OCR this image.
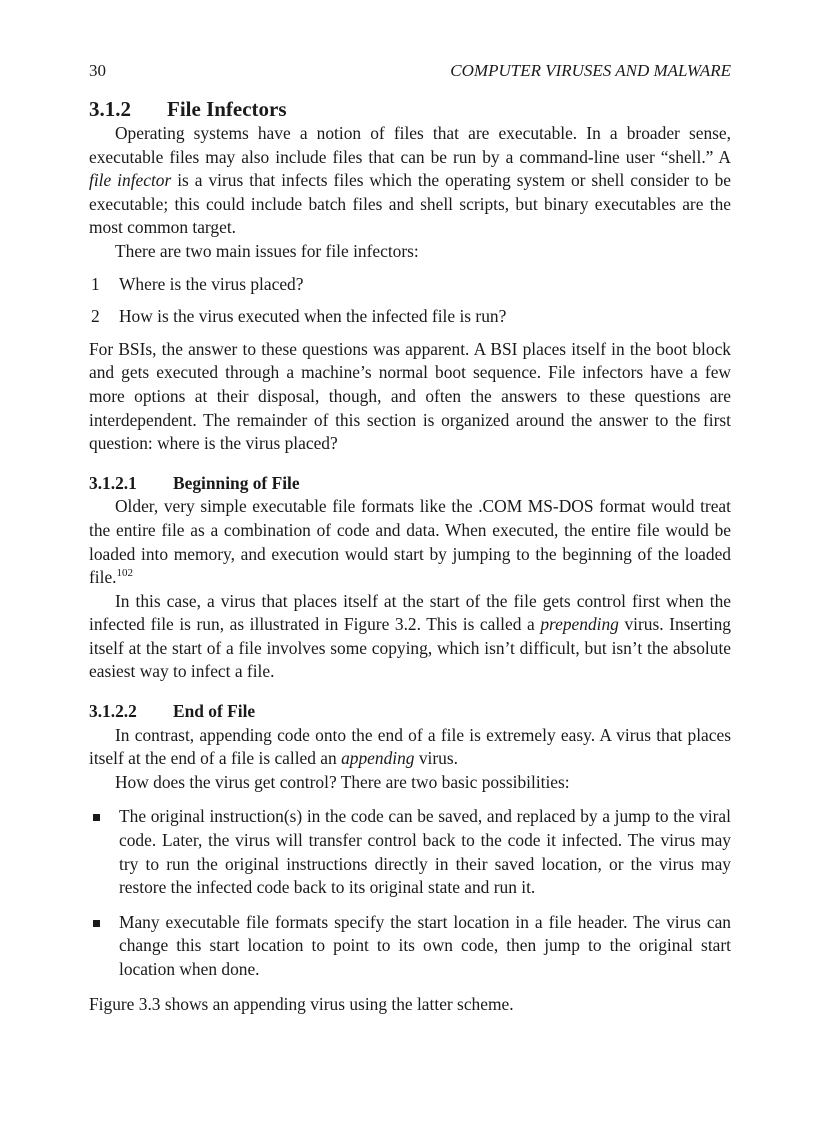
30	COMPUTER VIRUSES AND MALWARE
3.1.2 File Infectors

Operating systems have a notion of files that are executable. In a broader sense, executable files may also include files that can be run by a command-line user “shell.” A file infector is a virus that infects files which the operating system or shell consider to be executable; this could include batch files and shell scripts, but binary executables are the most common target.

There are two main issues for file infectors:

1	Where is the virus placed?
2	How is the virus executed when the infected file is run?

For BSIs, the answer to these questions was apparent. A BSI places itself in the boot block and gets executed through a machine’s normal boot sequence. File infectors have a few more options at their disposal, though, and often the answers to these questions are interdependent. The remainder of this section is organized around the answer to the first question: where is the virus placed?

3.1.2.1 Beginning of File

Older, very simple executable file formats like the .COM MS-DOS format would treat the entire file as a combination of code and data. When executed, the entire file would be loaded into memory, and execution would start by jumping to the beginning of the loaded file.$^{102}$

In this case, a virus that places itself at the start of the file gets control first when the infected file is run, as illustrated in Figure 3.2. This is called a prepending virus. Inserting itself at the start of a file involves some copying, which isn’t difficult, but isn’t the absolute easiest way to infect a file.

3.1.2.2 End of File

In contrast, appending code onto the end of a file is extremely easy. A virus that places itself at the end of a file is called an appending virus.

How does the virus get control? There are two basic possibilities:

The original instruction(s) in the code can be saved, and replaced by a jump to the viral code. Later, the virus will transfer control back to the code it infected. The virus may try to run the original instructions directly in their saved location, or the virus may restore the infected code back to its original state and run it.
Many executable file formats specify the start location in a file header. The virus can change this start location to point to its own code, then jump to the original start location when done.

Figure 3.3 shows an appending virus using the latter scheme.
